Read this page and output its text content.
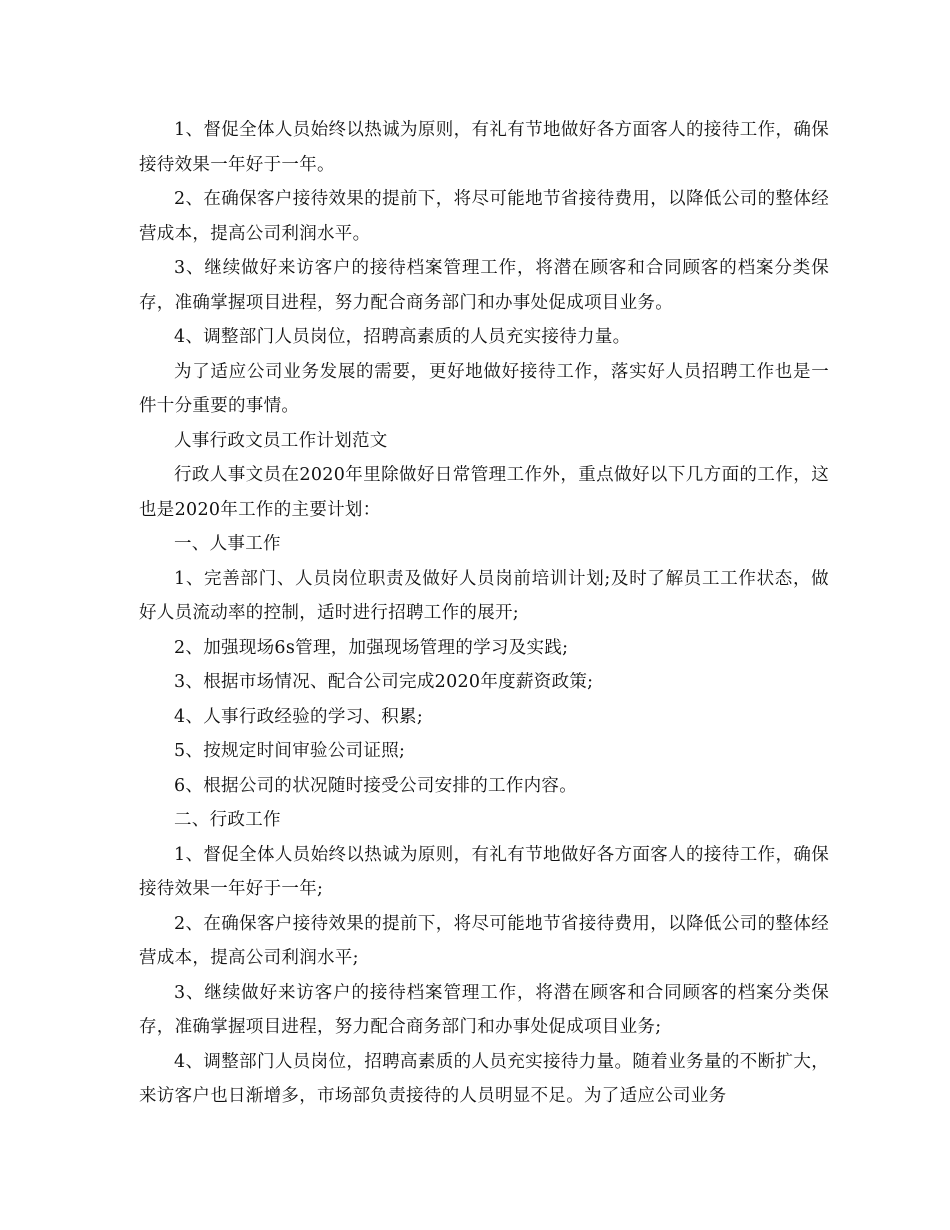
1、督促全体人员始终以热诚为原则，有礼有节地做好各方面客人的接待工作，确保接待效果一年好于一年。

2、在确保客户接待效果的提前下，将尽可能地节省接待费用，以降低公司的整体经营成本，提高公司利润水平。

3、继续做好来访客户的接待档案管理工作，将潜在顾客和合同顾客的档案分类保存，准确掌握项目进程，努力配合商务部门和办事处促成项目业务。

4、调整部门人员岗位，招聘高素质的人员充实接待力量。

为了适应公司业务发展的需要，更好地做好接待工作，落实好人员招聘工作也是一件十分重要的事情。

人事行政文员工作计划范文

行政人事文员在2020年里除做好日常管理工作外，重点做好以下几方面的工作，这也是2020年工作的主要计划：

一、人事工作

1、完善部门、人员岗位职责及做好人员岗前培训计划;及时了解员工工作状态，做好人员流动率的控制，适时进行招聘工作的展开;

2、加强现场6s管理，加强现场管理的学习及实践;

3、根据市场情况、配合公司完成2020年度薪资政策;

4、人事行政经验的学习、积累;

5、按规定时间审验公司证照;

6、根据公司的状况随时接受公司安排的工作内容。

二、行政工作

1、督促全体人员始终以热诚为原则，有礼有节地做好各方面客人的接待工作，确保接待效果一年好于一年;

2、在确保客户接待效果的提前下，将尽可能地节省接待费用，以降低公司的整体经营成本，提高公司利润水平;

3、继续做好来访客户的接待档案管理工作，将潜在顾客和合同顾客的档案分类保存，准确掌握项目进程，努力配合商务部门和办事处促成项目业务;

4、调整部门人员岗位，招聘高素质的人员充实接待力量。随着业务量的不断扩大，来访客户也日渐增多，市场部负责接待的人员明显不足。为了适应公司业务
